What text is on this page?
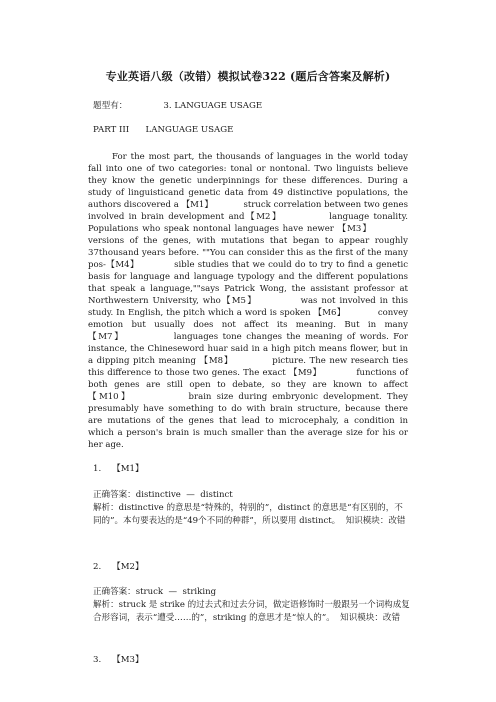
专业英语八级（改错）模拟试卷322 (题后含答案及解析)
题型有：	3. LANGUAGE USAGE
PART III      LANGUAGE USAGE
For the most part, the thousands of languages in the world today fall into one of two categories: tonal or nontonal. Two linguists believe they know the genetic underpinnings for these differences. During a study of linguisticand genetic data from 49 distinctive populations, the authors discovered a 【M1】           struck correlation between two genes involved in brain development and【M2】           language tonality. Populations who speak nontonal languages have newer 【M3】           versions of the genes, with mutations that began to appear roughly 37thousand years before. ""You can consider this as the first of the many pos-【M4】           sible studies that we could do to try to find a genetic basis for language and language typology and the different populations that speak a language,""says Patrick Wong, the assistant professor at Northwestern University, who【M5】           was not involved in this study. In English, the pitch which a word is spoken 【M6】           convey emotion but usually does not affect its meaning. But in many 【M7】           languages tone changes the meaning of words. For instance, the Chineseword huar said in a high pitch means flower, but in a dipping pitch meaning 【M8】           picture. The new research ties this difference to those two genes. The exact 【M9】           functions of both genes are still open to debate, so they are known to affect 【M10】           brain size during embryonic development. They presumably have something to do with brain structure, because there are mutations of the genes that lead to microcephaly, a condition in which a person's brain is much smaller than the average size for his or her age.
1.    【M1】
正确答案：distinctive  —  distinct
解析：distinctive 的意思是“特殊的，特别的”，distinct 的意思是“有区别的，不同的”。本句要表达的是“49个不同的种群”，所以要用 distinct。  知识模块：改错
2.    【M2】
正确答案：struck  —  striking
解析：struck 是 strike 的过去式和过去分词，做定语修饰时一般跟另一个词构成复合形容词，表示“遭受……的”，striking 的意思才是“惊人的”。  知识模块：改错
3.    【M3】
